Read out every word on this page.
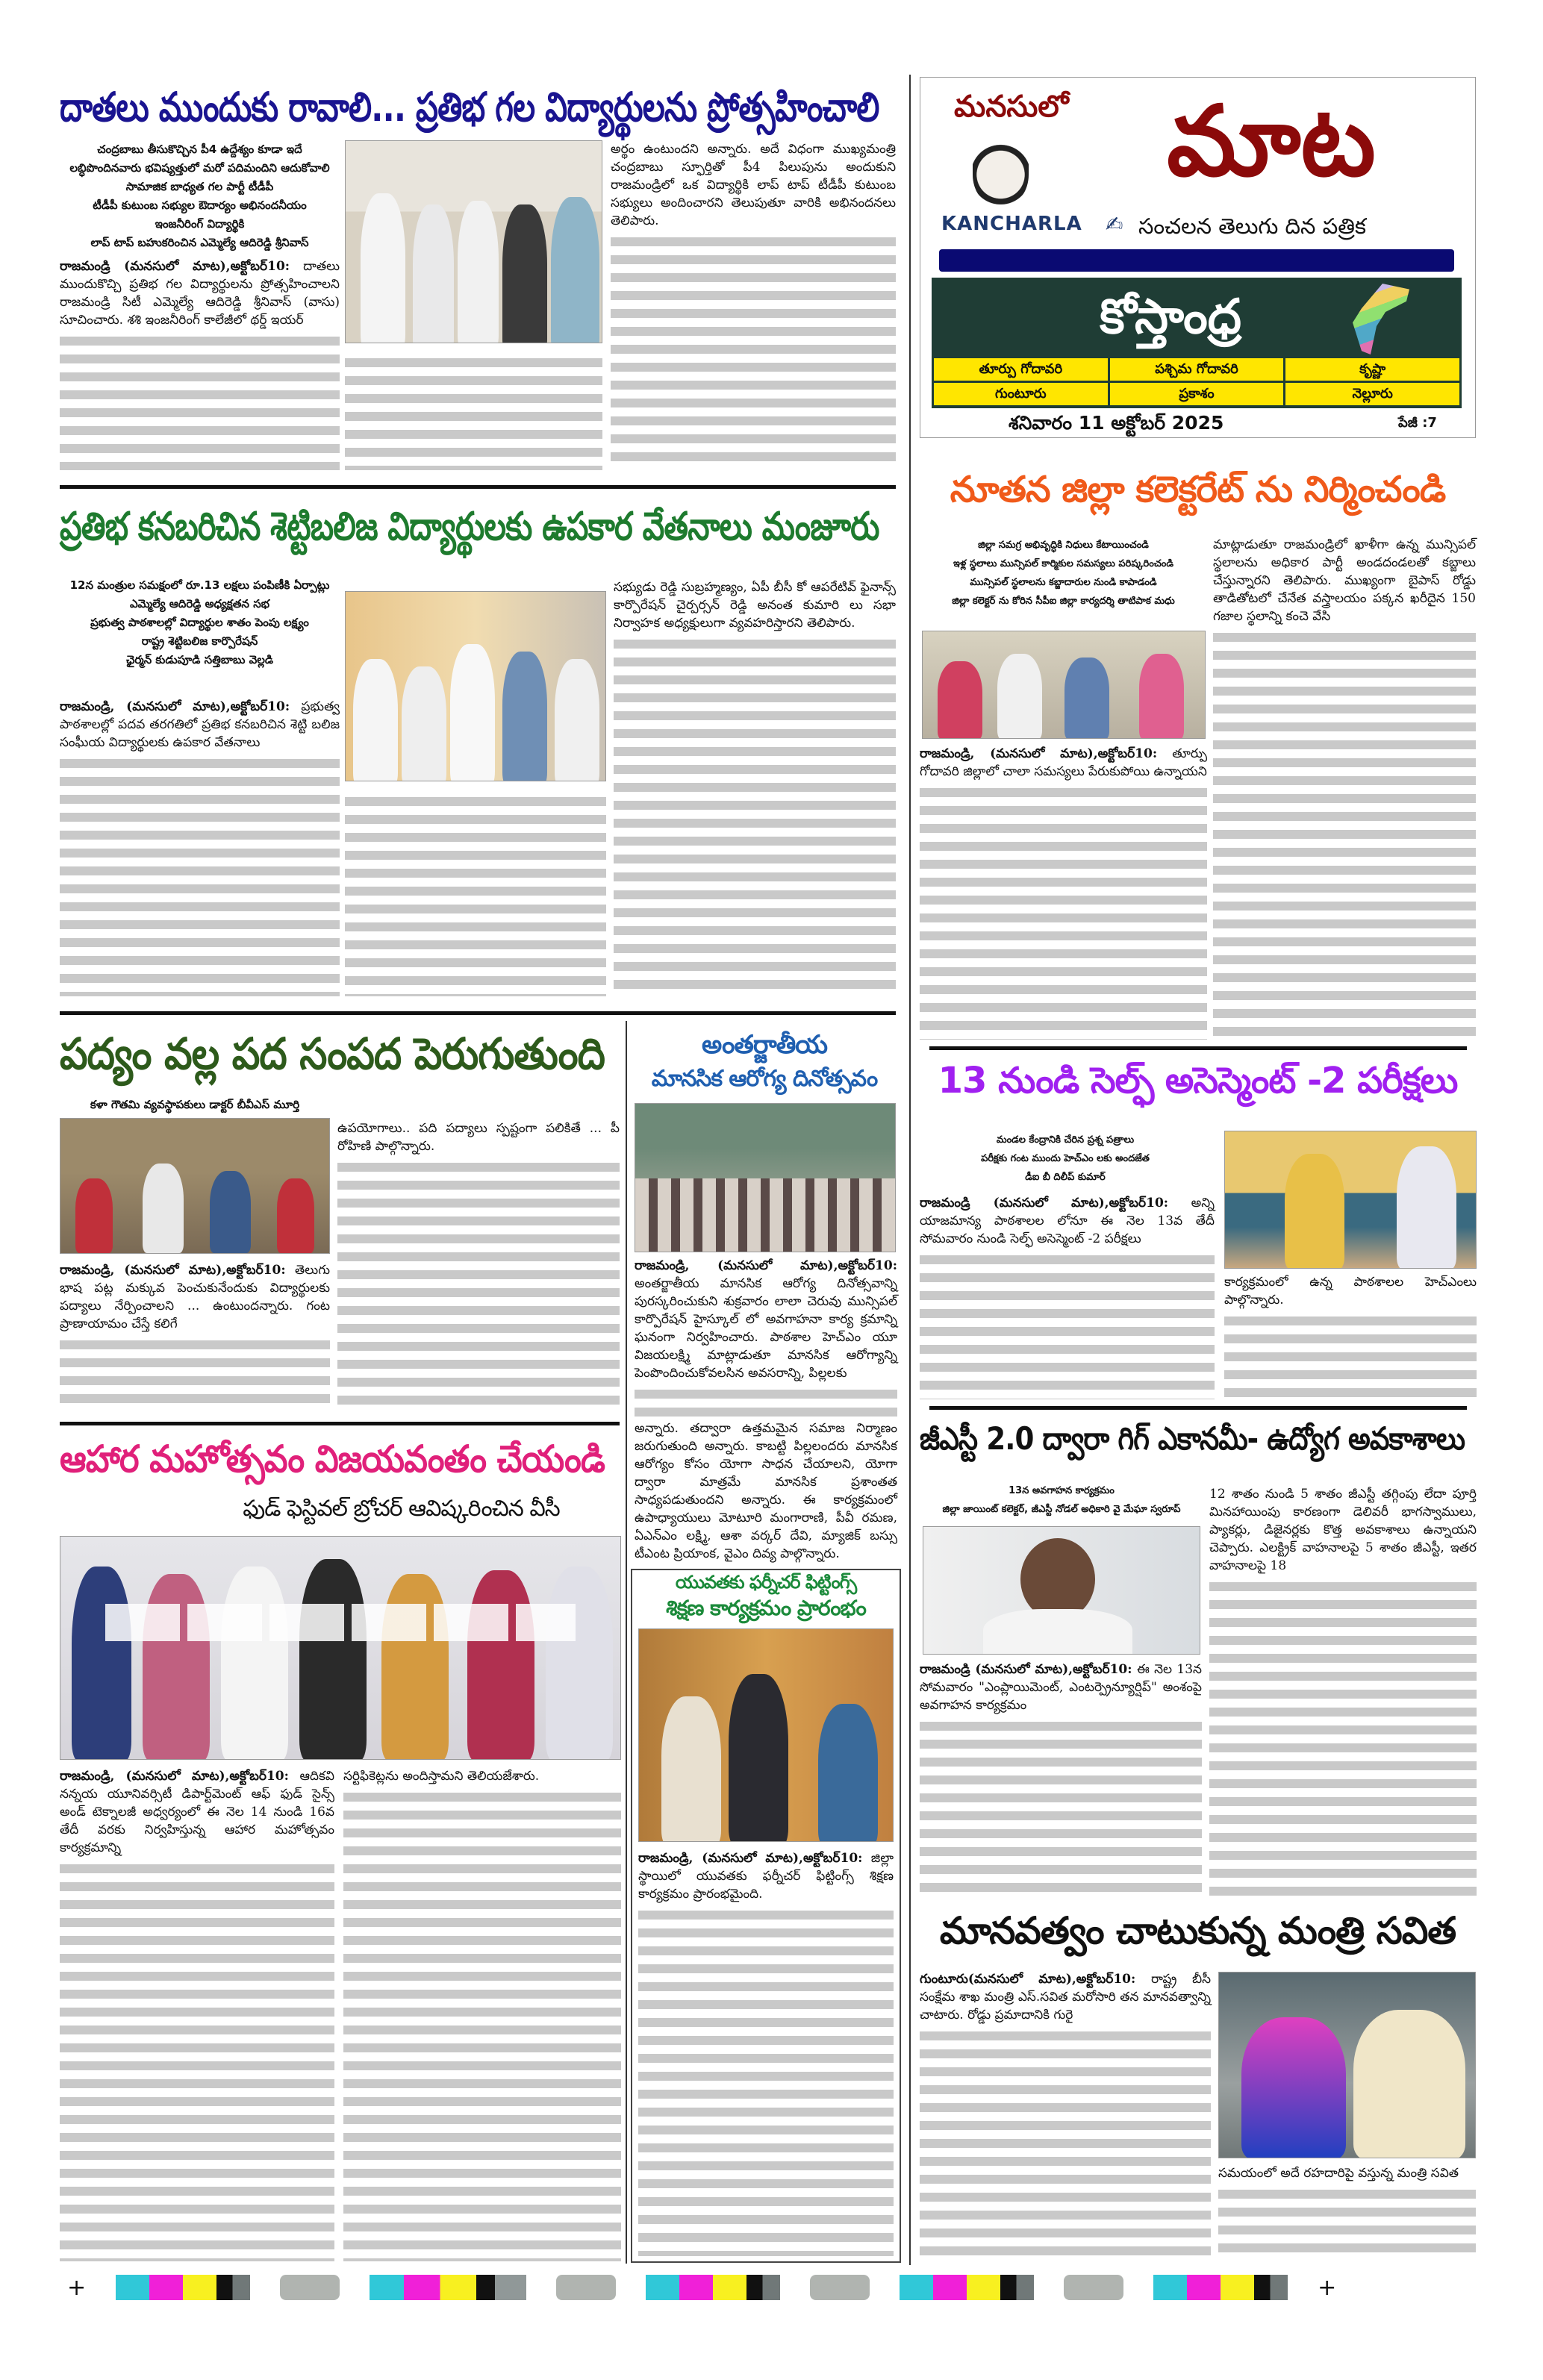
దాతలు ముందుకు రావాలి... ప్రతిభ గల విద్యార్థులను ప్రోత్సహించాలి
చంద్రబాబు తీసుకొచ్చిన పీ4 ఉద్దేశ్యం కూడా ఇదే
లబ్ధిపొందినవారు భవిష్యత్తులో మరో పదిమందిని ఆదుకోవాలి
సామాజిక బాధ్యత గల పార్టీ టీడీపీ
టీడీపీ కుటుంబ సభ్యుల ఔదార్యం అభినందనీయం
ఇంజనీరింగ్ విద్యార్థికి
లాప్ టాప్ బహుకరించిన ఎమ్మెల్యే ఆదిరెడ్డి శ్రీనివాస్

రాజమండ్రి (మనసులో మాట),అక్టోబర్10: దాతలు ముందుకొచ్చి ప్రతిభ గల విద్యార్థులను ప్రోత్సహించాలని రాజమండ్రి సిటీ ఎమ్మెల్యే ఆదిరెడ్డి శ్రీనివాస్ (వాసు) సూచించారు. శశి ఇంజనీరింగ్ కాలేజీలో థర్డ్ ఇయర్

అర్థం ఉంటుందని అన్నారు. అదే విధంగా ముఖ్యమంత్రి చంద్రబాబు స్ఫూర్తితో పీ4 పిలుపును అందుకుని రాజమండ్రిలో ఒక విద్యార్థికి లాప్ టాప్ టీడీపీ కుటుంబ సభ్యులు అందించారని తెలుపుతూ వారికి అభినందనలు తెలిపారు.

ప్రతిభ కనబరిచిన శెట్టిబలిజ విద్యార్థులకు ఉపకార వేతనాలు మంజూరు
12న మంత్రుల సమక్షంలో రూ.13 లక్షలు పంపిణీకి ఏర్పాట్లు
ఎమ్మెల్యే ఆదిరెడ్డి అధ్యక్షతన సభ
ప్రభుత్వ పాఠశాలల్లో విద్యార్థుల శాతం పెంపు లక్ష్యం
రాష్ట్ర శెట్టిబలిజ కార్పొరేషన్
ఛైర్మన్ కుడుపూడి సత్తిబాబు వెల్లడి

రాజమండ్రి, (మనసులో మాట),అక్టోబర్10: ప్రభుత్వ పాఠశాలల్లో పదవ తరగతిలో ప్రతిభ కనబరిచిన శెట్టి బలిజ సంఘీయ విద్యార్థులకు ఉపకార వేతనాలు

సభ్యుడు రెడ్డి సుబ్రహ్మణ్యం, ఏపీ బీసీ కో ఆపరేటివ్ ఫైనాన్స్ కార్పొరేషన్ చైర్పర్సన్ రెడ్డి అనంత కుమారి లు సభా నిర్వాహక అధ్యక్షులుగా వ్యవహరిస్తారని తెలిపారు.

పద్యం వల్ల పద సంపద పెరుగుతుంది
కళా గౌతమి వ్యవస్థాపకులు డాక్టర్ బీవీఎస్ మూర్తి

రాజమండ్రి, (మనసులో మాట),అక్టోబర్10: తెలుగు భాష పట్ల మక్కువ పెంచుకునేందుకు విద్యార్థులకు పద్యాలు నేర్పించాలని ... ఉంటుందన్నారు. గంట ప్రాణాయామం చేస్తే కలిగే

ఉపయోగాలు.. పది పద్యాలు స్పష్టంగా పలికితే ... పీ రోహిణి పాల్గొన్నారు.

ఆహార మహోత్సవం విజయవంతం చేయండి
ఫుడ్ ఫెస్టివల్ బ్రోచర్ ఆవిష్కరించిన వీసీ

రాజమండ్రి, (మనసులో మాట),అక్టోబర్10: ఆదికవి నన్నయ యూనివర్సిటీ డిపార్ట్‌మెంట్ ఆఫ్ ఫుడ్ సైన్స్ అండ్ టెక్నాలజీ అధ్వర్యంలో ఈ నెల 14 నుండి 16వ తేదీ వరకు నిర్వహిస్తున్న ఆహార మహోత్సవం కార్యక్రమాన్ని

సర్టిఫికెట్లను అందిస్తామని తెలియజేశారు.

అంతర్జాతీయ
మానసిక ఆరోగ్య దినోత్సవం

రాజమండ్రి, (మనసులో మాట),అక్టోబర్10: అంతర్జాతీయ మానసిక ఆరోగ్య దినోత్సవాన్ని పురస్కరించుకుని శుక్రవారం లాలా చెరువు మున్సిపల్ కార్పొరేషన్ హైస్కూల్ లో అవగాహనా కార్య క్రమాన్ని ఘనంగా నిర్వహించారు. పాఠశాల హెచ్ఎం యూ విజయలక్ష్మి మాట్లాడుతూ మానసిక ఆరోగ్యాన్ని పెంపొందించుకోవలసిన అవసరాన్ని, పిల్లలకు

అన్నారు. తద్వారా ఉత్తమమైన సమాజ నిర్మాణం జరుగుతుంది అన్నారు. కాబట్టి పిల్లలందరు మానసిక ఆరోగ్యం కోసం యోగా సాధన చేయాలని, యోగా ద్వారా మాత్రమే మానసిక ప్రశాంతత సాధ్యపడుతుందని అన్నారు. ఈ కార్యక్రమంలో ఉపాధ్యాయులు మోటూరి మంగారాణి, పీవీ రమణ, ఏఎన్ఎం లక్ష్మి, ఆశా వర్కర్ దేవి, మ్యాజిక్ బస్సు టీఎంట ప్రియాంక, వైఎం దివ్య పాల్గొన్నారు.

యువతకు ఫర్నీచర్ ఫిట్టింగ్స్
శిక్షణ కార్యక్రమం ప్రారంభం

రాజమండ్రి, (మనసులో మాట),అక్టోబర్10: జిల్లా స్థాయిలో యువతకు ఫర్నీచర్ ఫిట్టింగ్స్ శిక్షణ కార్యక్రమం ప్రారంభమైంది.

మనసులో
KANCHARLA
మాట
✍ సంచలన తెలుగు దిన పత్రిక
కోస్తాంధ్ర
తూర్పు గోదావరి	పశ్చిమ గోదావరి	కృష్ణా
గుంటూరు	ప్రకాశం	నెల్లూరు
శనివారం 11 అక్టోబర్ 2025	పేజీ :7
నూతన జిల్లా కలెక్టరేట్ ను నిర్మించండి
జిల్లా సమగ్ర అభివృద్ధికి నిధులు కేటాయించండి
ఇళ్ల స్థలాలు మున్సిపల్ కార్మికుల సమస్యలు పరిష్కరించండి
మున్సిపల్ స్థలాలను కబ్జాదారుల నుండి కాపాడండి
జిల్లా కలెక్టర్ ను కోరిన సీపీఐ జిల్లా కార్యదర్శి తాటిపాక మధు

రాజమండ్రి, (మనసులో మాట),అక్టోబర్10: తూర్పు గోదావరి జిల్లాలో చాలా సమస్యలు పేరుకుపోయి ఉన్నాయని

మాట్లాడుతూ రాజమండ్రిలో ఖాళీగా ఉన్న మున్సిపల్ స్థలాలను అధికార పార్టీ అండదండలతో కబ్జాలు చేస్తున్నారని తెలిపారు. ముఖ్యంగా బైపాస్ రోడ్డు తాడితోటలో చేనేత వస్త్రాలయం పక్కన ఖరీదైన 150 గజాల స్థలాన్ని కంచె వేసి

13 నుండి సెల్ఫ్ అసెస్మెంట్ -2 పరీక్షలు
మండల కేంద్రానికి చేరిన ప్రశ్న పత్రాలు
పరీక్షకు గంట ముందు హెచ్ఎం లకు అందజేత
డీఐ బీ దిలీప్ కుమార్

రాజమండ్రి (మనసులో మాట),అక్టోబర్10: అన్ని యాజమాన్య పాఠశాలల లోనూ ఈ నెల 13వ తేదీ సోమవారం నుండి సెల్ఫ్ అసెస్మెంట్ -2 పరీక్షలు

కార్యక్రమంలో ఉన్న పాఠశాలల హెచ్ఎంలు పాల్గొన్నారు.

జీఎస్టీ 2.0 ద్వారా గిగ్ ఎకానమీ- ఉద్యోగ అవకాశాలు
13న అవగాహన కార్యక్రమం
జిల్లా జాయింట్ కలెక్టర్, జీఎస్టీ నోడల్ అధికారి వై మేఘా స్వరూప్

రాజమండ్రి (మనసులో మాట),అక్టోబర్10: ఈ నెల 13న సోమవారం "ఎంప్లాయిమెంట్, ఎంటర్ప్రెన్యూర్షిప్" అంశంపై అవగాహన కార్యక్రమం

12 శాతం నుండి 5 శాతం జీఎస్టీ తగ్గింపు లేదా పూర్తి మినహాయింపు కారణంగా డెలివరీ భాగస్వాములు, ప్యాకర్లు, డిజైనర్లకు కొత్త అవకాశాలు ఉన్నాయని చెప్పారు. ఎలక్ట్రిక్ వాహనాలపై 5 శాతం జీఎస్టీ, ఇతర వాహనాలపై 18

మానవత్వం చాటుకున్న మంత్రి సవిత

గుంటూరు(మనసులో మాట),అక్టోబర్10: రాష్ట్ర బీసీ సంక్షేమ శాఖ మంత్రి ఎస్.సవిత మరోసారి తన మానవత్వాన్ని చాటారు. రోడ్డు ప్రమాదానికి గురై

సమయంలో అదే రహదారిపై వస్తున్న మంత్రి సవిత

+	+
